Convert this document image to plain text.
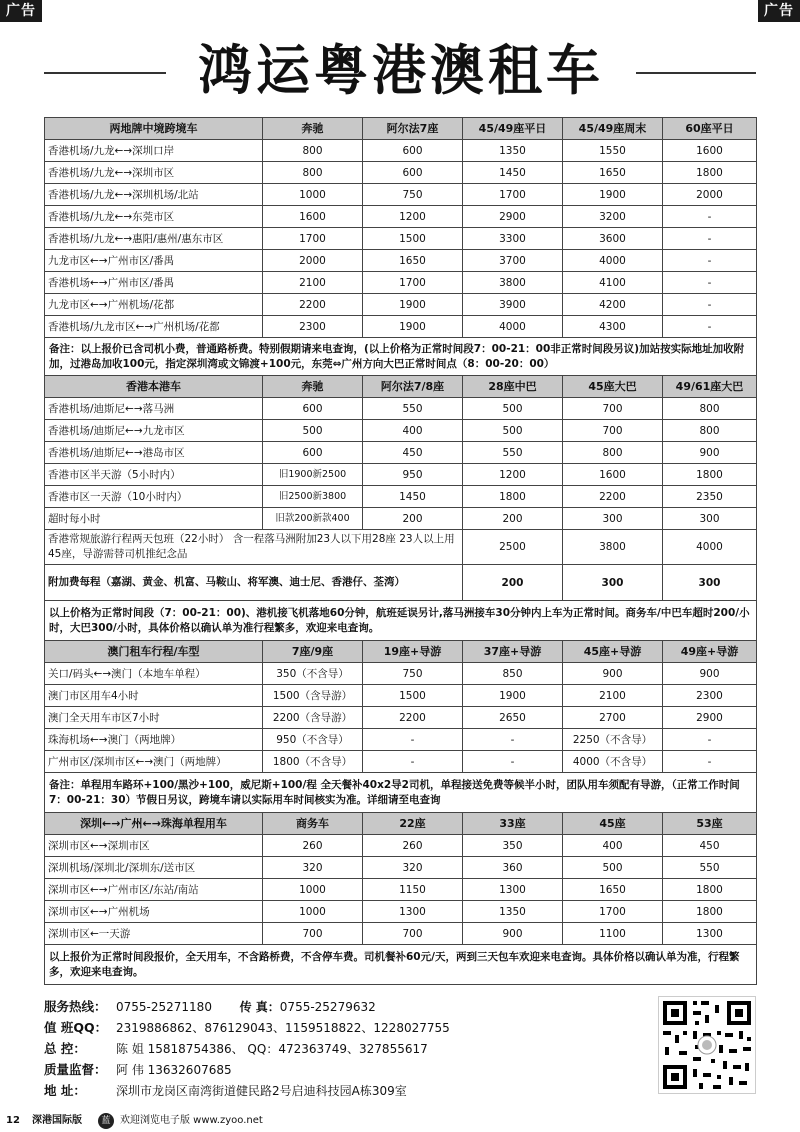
广告	广告
鸿运粤港澳租车
两地牌中境跨境车	奔驰	阿尔法7座	45/49座平日	45/49座周末	60座平日
香港机场/九龙←→深圳口岸	800	600	1350	1550	1600
香港机场/九龙←→深圳市区	800	600	1450	1650	1800
香港机场/九龙←→深圳机场/北站	1000	750	1700	1900	2000
香港机场/九龙←→东莞市区	1600	1200	2900	3200	-
香港机场/九龙←→惠阳/惠州/惠东市区	1700	1500	3300	3600	-
九龙市区←→广州市区/番禺	2000	1650	3700	4000	-
香港机场←→广州市区/番禺	2100	1700	3800	4100	-
九龙市区←→广州机场/花都	2200	1900	3900	4200	-
香港机场/九龙市区←→广州机场/花都	2300	1900	4000	4300	-
备注：以上报价已含司机小费，普通路桥费。特别假期请来电查询，(以上价格为正常时间段7：00-21：00非正常时间段另议)加站按实际地址加收附加，过港岛加收100元，指定深圳湾或文锦渡+100元，东莞⇔广州方向大巴正常时间点（8：00-20：00）					
香港本港车	奔驰	阿尔法7/8座	28座中巴	45座大巴	49/61座大巴
香港机场/迪斯尼←→落马洲	600	550	500	700	800
香港机场/迪斯尼←→九龙市区	500	400	500	700	800
香港机场/迪斯尼←→港岛市区	600	450	550	800	900
香港市区半天游（5小时内）	旧1900新2500	950	1200	1600	1800
香港市区一天游（10小时内）	旧2500新3800	1450	1800	2200	2350
超时每小时	旧款200新款400	200	200	300	300
香港常规旅游行程两天包班（22小时） 含一程落马洲附加23人以下用28座 23人以上用45座，导游需替司机推纪念品			2500	3800	4000
附加费每程（嘉湖、黄金、机富、马鞍山、将军澳、迪士尼、香港仔、荃湾）			200	300	300
以上价格为正常时间段（7：00-21：00)、港机接飞机落地60分钟，航班延误另计,落马洲接车30分钟内上车为正常时间。商务车/中巴车超时200/小时，大巴300/小时，具体价格以确认单为准行程繁多，欢迎来电查询。					
澳门租车行程/车型	7座/9座	19座+导游	37座+导游	45座+导游	49座+导游
关口/码头←→澳门（本地车单程）	350（不含导）	750	850	900	900
澳门市区用车4小时	1500（含导游）	1500	1900	2100	2300
澳门全天用车市区7小时	2200（含导游）	2200	2650	2700	2900
珠海机场←→澳门（两地牌）	950（不含导）	-	-	2250（不含导）	-
广州市区/深圳市区←→澳门（两地牌）	1800（不含导）	-	-	4000（不含导）	-
备注：单程用车路环+100/黑沙+100，威尼斯+100/程 全天餐补40x2导2司机，单程接送免费等候半小时，团队用车须配有导游，（正常工作时间7：00-21：30）节假日另议，跨境车请以实际用车时间核实为准。详细请至电查询					
深圳←→广州←→珠海单程用车	商务车	22座	33座	45座	53座
深圳市区←→深圳市区	260	260	350	400	450
深圳机场/深圳北/深圳东/送市区	320	320	360	500	550
深圳市区←→广州市区/东站/南站	1000	1150	1300	1650	1800
深圳市区←→广州机场	1000	1300	1350	1700	1800
深圳市区←一天游	700	700	900	1100	1300
以上报价为正常时间段报价，全天用车，不含路桥费，不含停车费。司机餐补60元/天，两到三天包车欢迎来电查询。具体价格以确认单为准，行程繁多，欢迎来电查询。					
服务热线： 0755-25271180 传 真：0755-25279632
值 班QQ： 2319886862、876129043、1159518822、1228027755
总 控：	陈 姐 15818754386、 QQ：472363749、327855617
质量监督： 阿 伟 13632607685
地 址：	深圳市龙岗区南湾街道健民路2号启迪科技园A栋309室
12 深港国际版	蓝 欢迎浏览电子版 www.zyoo.net
